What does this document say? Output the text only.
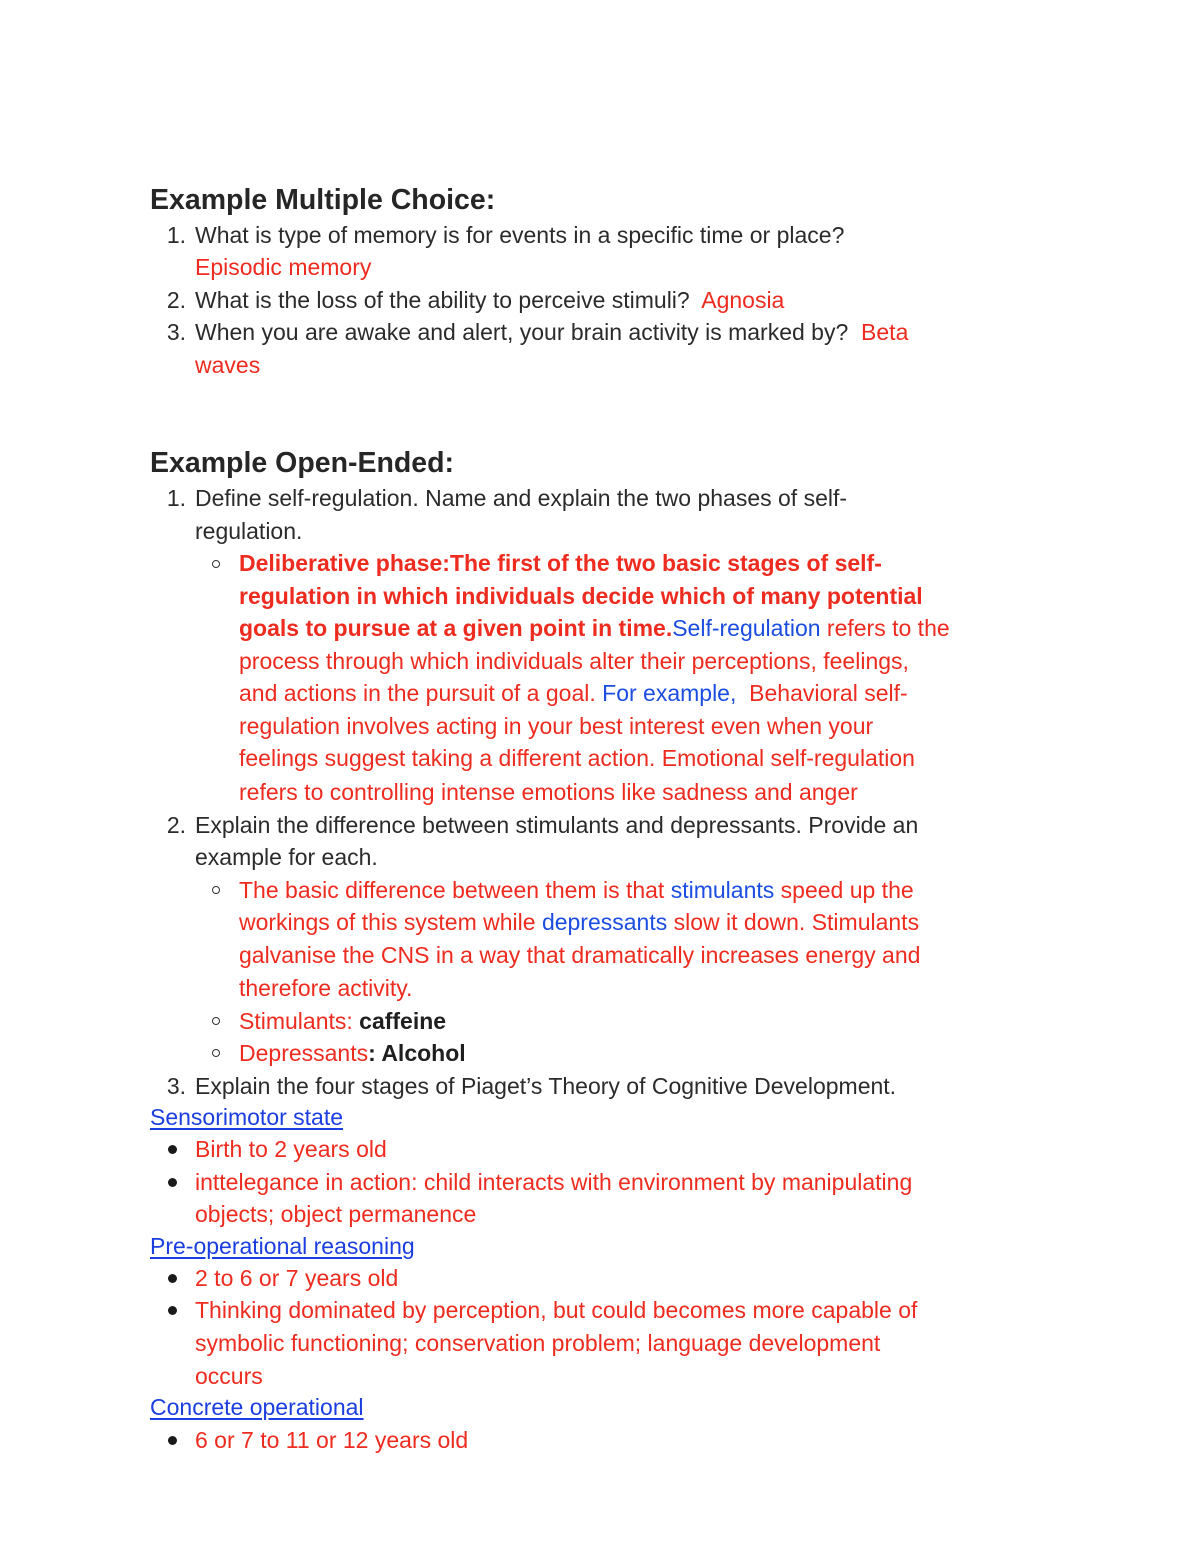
Example Multiple Choice:
1. What is type of memory is for events in a specific time or place?
Episodic memory
2. What is the loss of the ability to perceive stimuli? Agnosia
3. When you are awake and alert, your brain activity is marked by? Beta
waves
Example Open-Ended:
1. Define self-regulation. Name and explain the two phases of self-
regulation.
Deliberative phase:The first of the two basic stages of self-
regulation in which individuals decide which of many potential
goals to pursue at a given point in time.Self-regulation refers to the
process through which individuals alter their perceptions, feelings,
and actions in the pursuit of a goal. For example,  Behavioral self-
regulation involves acting in your best interest even when your
feelings suggest taking a different action. Emotional self-regulation
refers to controlling intense emotions like sadness and anger
2. Explain the difference between stimulants and depressants. Provide an
example for each.
The basic difference between them is that stimulants speed up the
workings of this system while depressants slow it down. Stimulants
galvanise the CNS in a way that dramatically increases energy and
therefore activity.
Stimulants: caffeine
Depressants: Alcohol
3. Explain the four stages of Piaget’s Theory of Cognitive Development.
Sensorimotor state
Birth to 2 years old
inttelegance in action: child interacts with environment by manipulating
objects; object permanence
Pre-operational reasoning
2 to 6 or 7 years old
Thinking dominated by perception, but could becomes more capable of
symbolic functioning; conservation problem; language development
occurs
Concrete operational
6 or 7 to 11 or 12 years old
